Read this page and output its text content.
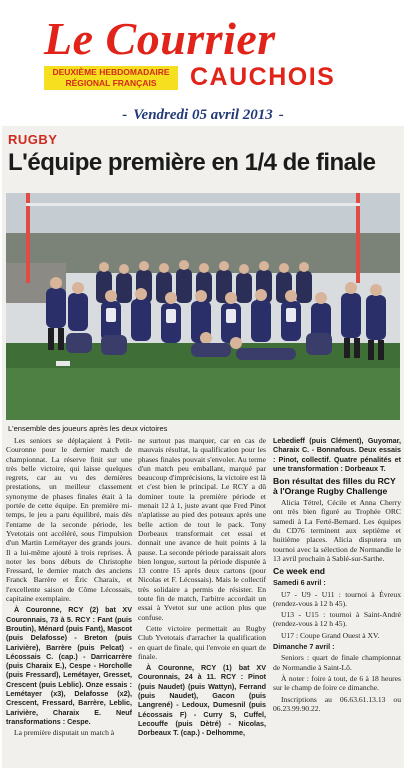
Le Courrier
DEUXIÈME HEBDOMADAIRE
RÉGIONAL FRANÇAIS	CAUCHOIS
- Vendredi 05 avril 2013 -
RUGBY
L'équipe première en 1/4 de finale
L'ensemble des joueurs après les deux victoires

Les seniors se déplaçaient à Petit-Couronne pour le dernier match de championnat. La réserve finit sur une très belle victoire, qui laisse quelques regrets, car au vu des dernières prestations, un meilleur classement synonyme de phases finales était à la portée de cette équipe. En première mi-temps, le jeu a paru équilibré, mais dès l'entame de la seconde période, les Yvetotais ont accéléré, sous l'impulsion d'un Martin Lemétayer des grands jours. Il a lui-même ajouté à trois reprises. À noter les bons débuts de Christophe Fressard, le dernier match des anciens Franck Barrère et Éric Charaix, et l'excellente saison de Côme Lécossais, capitaine exemplaire.

À Couronne, RCY (2) bat XV Couronnais, 73 à 5. RCY : Fant (puis Broutin), Ménard (puis Fant), Mascot (puis Delafosse) - Breton (puis Larivière), Barrère (puis Pelcat) - Lécossais C. (cap.) - Darricarrère (puis Charaix E.), Cespe - Horcholle (puis Fressard), Lemétayer, Gresset, Crescent (puis Leblic). Onze essais : Lemétayer (x3), Delafosse (x2), Crescent, Fressard, Barrère, Leblic, Larivière, Charaix E. Neuf transformations : Cespe.

La première disputait un match à

ne surtout pas marquer, car en cas de mauvais résultat, la qualification pour les phases finales pouvait s'envoler. Au terme d'un match peu emballant, marqué par beaucoup d'imprécisions, la victoire est là et c'est bien le principal. Le RCY a dû dominer toute la première période et menait 12 à 1, juste avant que Fred Pinot n'aplatisse au pied des poteaux après une belle action de tout le pack. Tony Dorbeaux transformait cet essai et donnait une avance de huit points à la pause. La seconde période paraissait alors bien longue, surtout la période disputée à 13 contre 15 après deux cartons (pour Nicolas et F. Lécossais). Mais le collectif très solidaire a permis de résister. En toute fin de match, l'arbitre accordait un essai à Yvetot sur une action plus que confuse.

Cette victoire permettait au Rugby Club Yvetotais d'arracher la qualification en quart de finale, qui l'envoie en quart de finale.

À Couronne, RCY (1) bat XV Couronnais, 24 à 11. RCY : Pinot (puis Naudet) (puis Wattyn), Ferrand (puis Naudet), Gacon (puis Langrené) - Ledoux, Dumesnil (puis Lécossais F) - Curry S, Cuffel, Lecouffe (puis Dètré) - Nicolas, Dorbeaux T. (cap.) - Delhomme,

Lebedieff (puis Clément), Guyomar, Charaix C. - Bonnafous. Deux essais : Pinot, collectif. Quatre pénalités et une transformation : Dorbeaux T.

Bon résultat des filles du RCY à l'Orange Rugby Challenge

Alicia Tétrel, Cécile et Anna Cherry ont très bien figuré au Trophée ORC samedi à La Ferté-Bernard. Les équipes du CD76 terminent aux septième et huitième places. Alicia disputera un tournoi avec la sélection de Normandie le 13 avril prochain à Sablé-sur-Sarthe.

Ce week end

Samedi 6 avril :

U7 - U9 - U11 : tournoi à Évreux (rendez-vous à 12 h 45).

U13 - U15 : tournoi à Saint-André (rendez-vous à 12 h 45).

U17 : Coupe Grand Ouest à XV.

Dimanche 7 avril :

Seniors : quart de finale championnat de Normandie à Saint-Lô.

À noter : foire à tout, de 6 à 18 heures sur le champ de foire ce dimanche.

Inscriptions au 06.63.61.13.13 ou 06.23.99.90.22.
